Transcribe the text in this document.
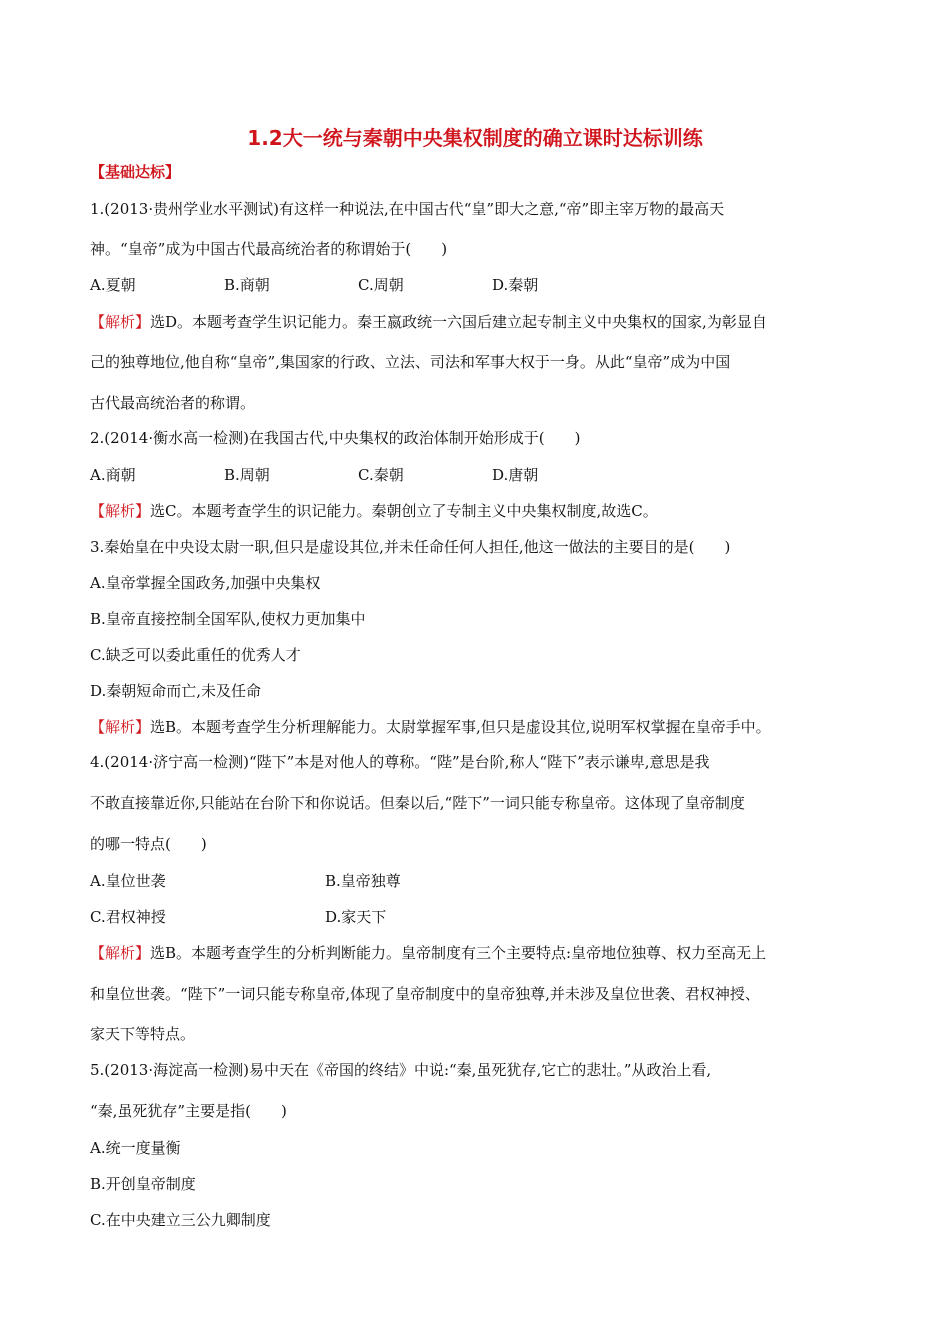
1.2大一统与秦朝中央集权制度的确立课时达标训练
【基础达标】
1.(2013·贵州学业水平测试)有这样一种说法,在中国古代“皇”即大之意,“帝”即主宰万物的最高天
神。“皇帝”成为中国古代最高统治者的称谓始于(　　)
A.夏朝	B.商朝	C.周朝	D.秦朝
【解析】选D。本题考查学生识记能力。秦王嬴政统一六国后建立起专制主义中央集权的国家,为彰显自
己的独尊地位,他自称“皇帝”,集国家的行政、立法、司法和军事大权于一身。从此“皇帝”成为中国
古代最高统治者的称谓。
2.(2014·衡水高一检测)在我国古代,中央集权的政治体制开始形成于(　　)
A.商朝	B.周朝	C.秦朝	D.唐朝
【解析】选C。本题考查学生的识记能力。秦朝创立了专制主义中央集权制度,故选C。
3.秦始皇在中央设太尉一职,但只是虚设其位,并未任命任何人担任,他这一做法的主要目的是(　　)
A.皇帝掌握全国政务,加强中央集权
B.皇帝直接控制全国军队,使权力更加集中
C.缺乏可以委此重任的优秀人才
D.秦朝短命而亡,未及任命
【解析】选B。本题考查学生分析理解能力。太尉掌握军事,但只是虚设其位,说明军权掌握在皇帝手中。
4.(2014·济宁高一检测)“陛下”本是对他人的尊称。“陛”是台阶,称人“陛下”表示谦卑,意思是我
不敢直接靠近你,只能站在台阶下和你说话。但秦以后,“陛下”一词只能专称皇帝。这体现了皇帝制度
的哪一特点(　　)
A.皇位世袭	B.皇帝独尊
C.君权神授	D.家天下
【解析】选B。本题考查学生的分析判断能力。皇帝制度有三个主要特点:皇帝地位独尊、权力至高无上
和皇位世袭。“陛下”一词只能专称皇帝,体现了皇帝制度中的皇帝独尊,并未涉及皇位世袭、君权神授、
家天下等特点。
5.(2013·海淀高一检测)易中天在《帝国的终结》中说:“秦,虽死犹存,它亡的悲壮。”从政治上看,
“秦,虽死犹存”主要是指(　　)
A.统一度量衡
B.开创皇帝制度
C.在中央建立三公九卿制度
